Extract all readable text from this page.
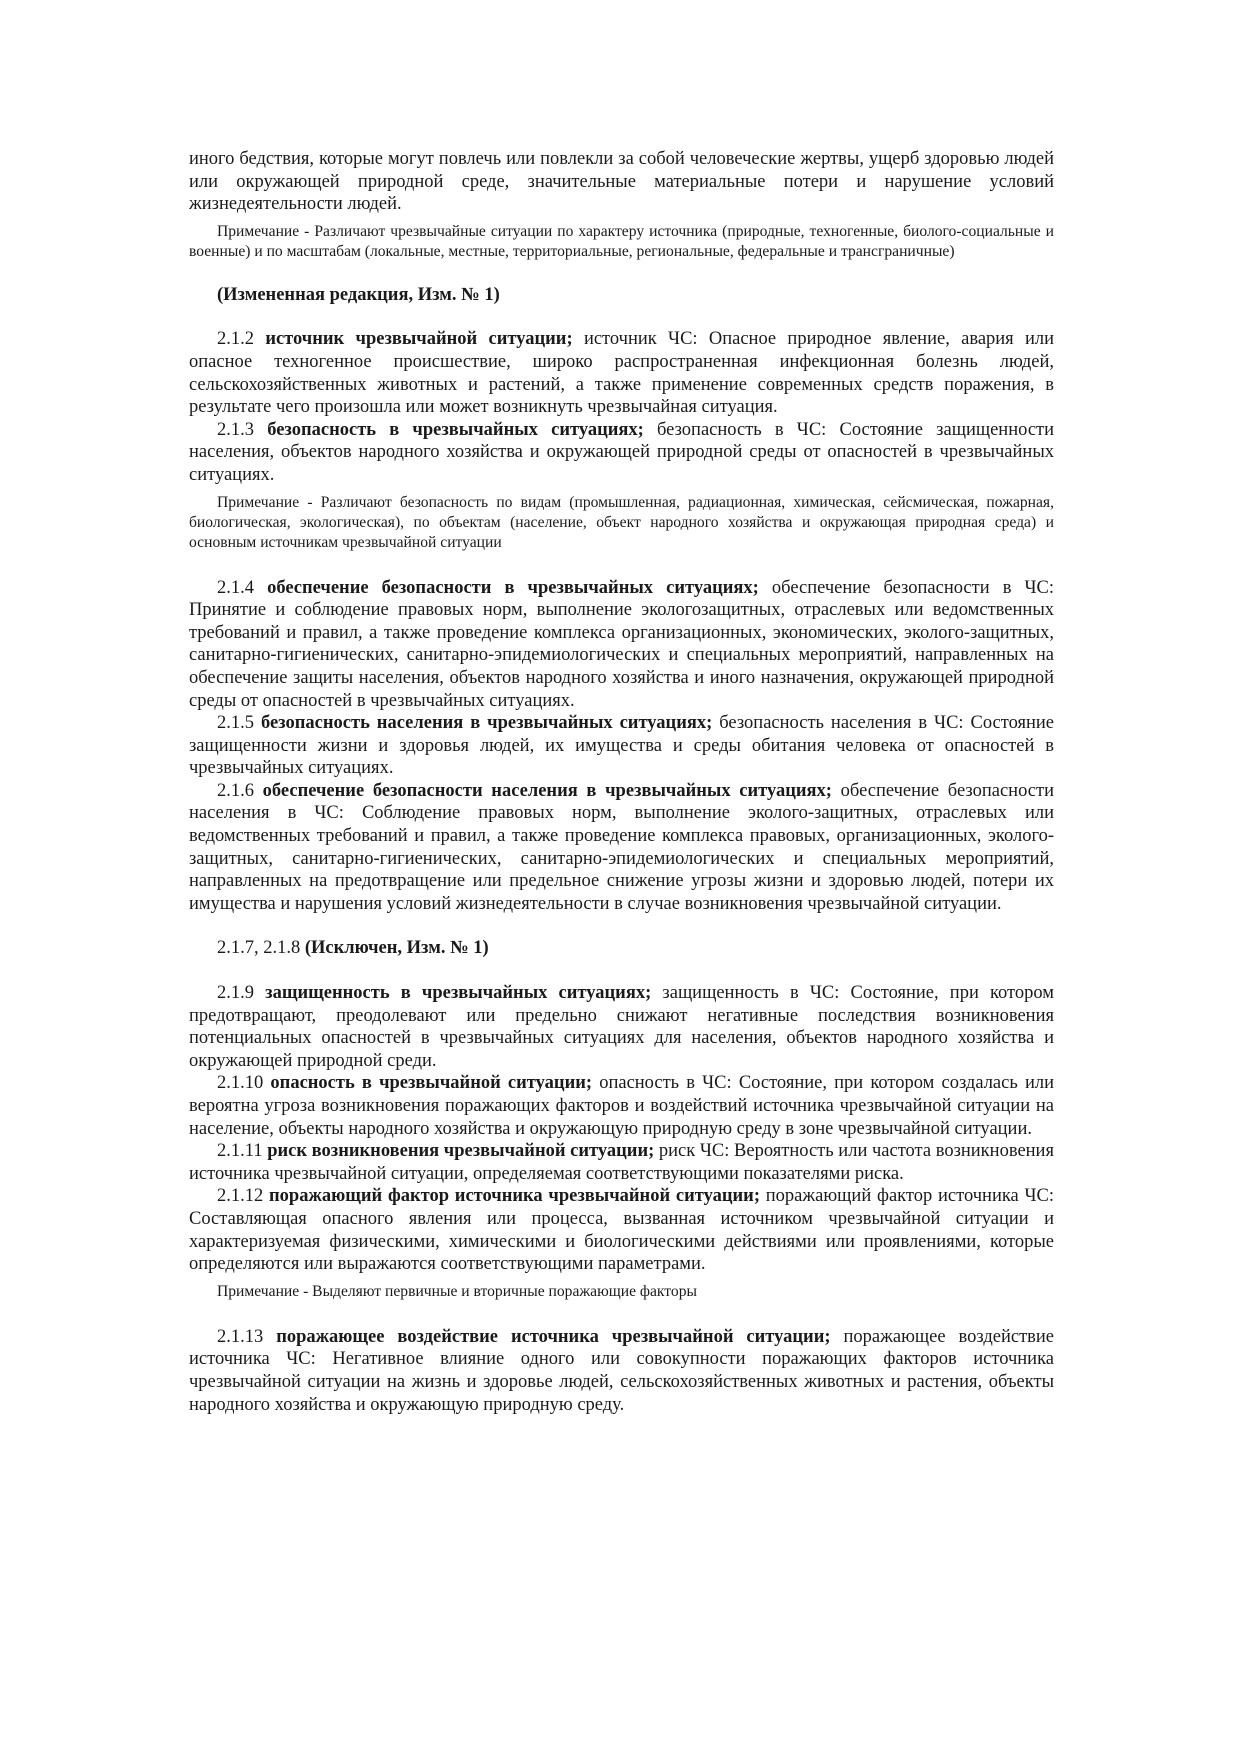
иного бедствия, которые могут повлечь или повлекли за собой человеческие жертвы, ущерб здоровью людей или окружающей природной среде, значительные материальные потери и нарушение условий жизнедеятельности людей.

Примечание - Различают чрезвычайные ситуации по характеру источника (природные, техногенные, биолого-социальные и военные) и по масштабам (локальные, местные, территориальные, региональные, федеральные и трансграничные)

(Измененная редакция, Изм. № 1)

2.1.2 источник чрезвычайной ситуации; источник ЧС: Опасное природное явление, авария или опасное техногенное происшествие, широко распространенная инфекционная болезнь людей, сельскохозяйственных животных и растений, а также применение современных средств поражения, в результате чего произошла или может возникнуть чрезвычайная ситуация.

2.1.3 безопасность в чрезвычайных ситуациях; безопасность в ЧС: Состояние защищенности населения, объектов народного хозяйства и окружающей природной среды от опасностей в чрезвычайных ситуациях.

Примечание - Различают безопасность по видам (промышленная, радиационная, химическая, сейсмическая, пожарная, биологическая, экологическая), по объектам (население, объект народного хозяйства и окружающая природная среда) и основным источникам чрезвычайной ситуации

2.1.4 обеспечение безопасности в чрезвычайных ситуациях; обеспечение безопасности в ЧС: Принятие и соблюдение правовых норм, выполнение экологозащитных, отраслевых или ведомственных требований и правил, а также проведение комплекса организационных, экономических, эколого-защитных, санитарно-гигиенических, санитарно-эпидемиологических и специальных мероприятий, направленных на обеспечение защиты населения, объектов народного хозяйства и иного назначения, окружающей природной среды от опасностей в чрезвычайных ситуациях.

2.1.5 безопасность населения в чрезвычайных ситуациях; безопасность населения в ЧС: Состояние защищенности жизни и здоровья людей, их имущества и среды обитания человека от опасностей в чрезвычайных ситуациях.

2.1.6 обеспечение безопасности населения в чрезвычайных ситуациях; обеспечение безопасности населения в ЧС: Соблюдение правовых норм, выполнение эколого-защитных, отраслевых или ведомственных требований и правил, а также проведение комплекса правовых, организационных, эколого-защитных, санитарно-гигиенических, санитарно-эпидемиологических и специальных мероприятий, направленных на предотвращение или предельное снижение угрозы жизни и здоровью людей, потери их имущества и нарушения условий жизнедеятельности в случае возникновения чрезвычайной ситуации.

2.1.7, 2.1.8 (Исключен, Изм. № 1)

2.1.9 защищенность в чрезвычайных ситуациях; защищенность в ЧС: Состояние, при котором предотвращают, преодолевают или предельно снижают негативные последствия возникновения потенциальных опасностей в чрезвычайных ситуациях для населения, объектов народного хозяйства и окружающей природной среди.

2.1.10 опасность в чрезвычайной ситуации; опасность в ЧС: Состояние, при котором создалась или вероятна угроза возникновения поражающих факторов и воздействий источника чрезвычайной ситуации на население, объекты народного хозяйства и окружающую природную среду в зоне чрезвычайной ситуации.

2.1.11 риск возникновения чрезвычайной ситуации; риск ЧС: Вероятность или частота возникновения источника чрезвычайной ситуации, определяемая соответствующими показателями риска.

2.1.12 поражающий фактор источника чрезвычайной ситуации; поражающий фактор источника ЧС: Составляющая опасного явления или процесса, вызванная источником чрезвычайной ситуации и характеризуемая физическими, химическими и биологическими действиями или проявлениями, которые определяются или выражаются соответствующими параметрами.

Примечание - Выделяют первичные и вторичные поражающие факторы

2.1.13 поражающее воздействие источника чрезвычайной ситуации; поражающее воздействие источника ЧС: Негативное влияние одного или совокупности поражающих факторов источника чрезвычайной ситуации на жизнь и здоровье людей, сельскохозяйственных животных и растения, объекты народного хозяйства и окружающую природную среду.
